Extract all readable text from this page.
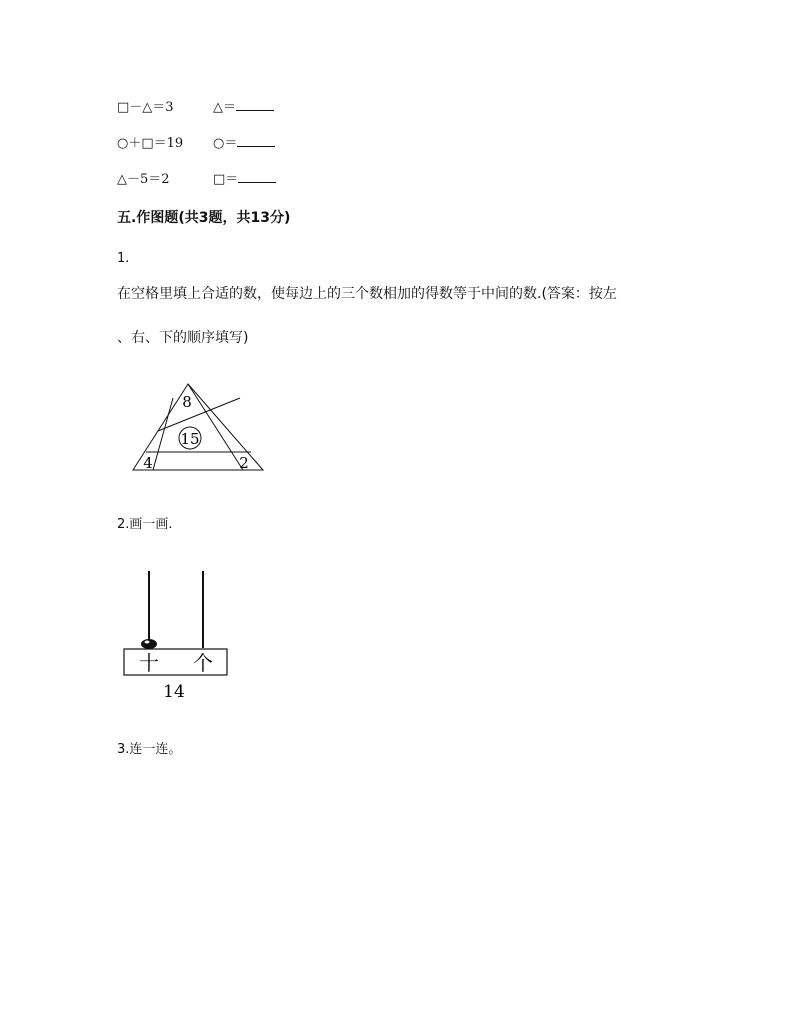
□－△＝3	△＝
○＋□＝19 ○＝
△－5＝2	□＝
五.作图题(共3题，共13分)
1.
在空格里填上合适的数，使每边上的三个数相加的得数等于中间的数.(答案：按左
、右、下的顺序填写)
8
15
4	2
2.画一画.
十 个
14
3.连一连。
